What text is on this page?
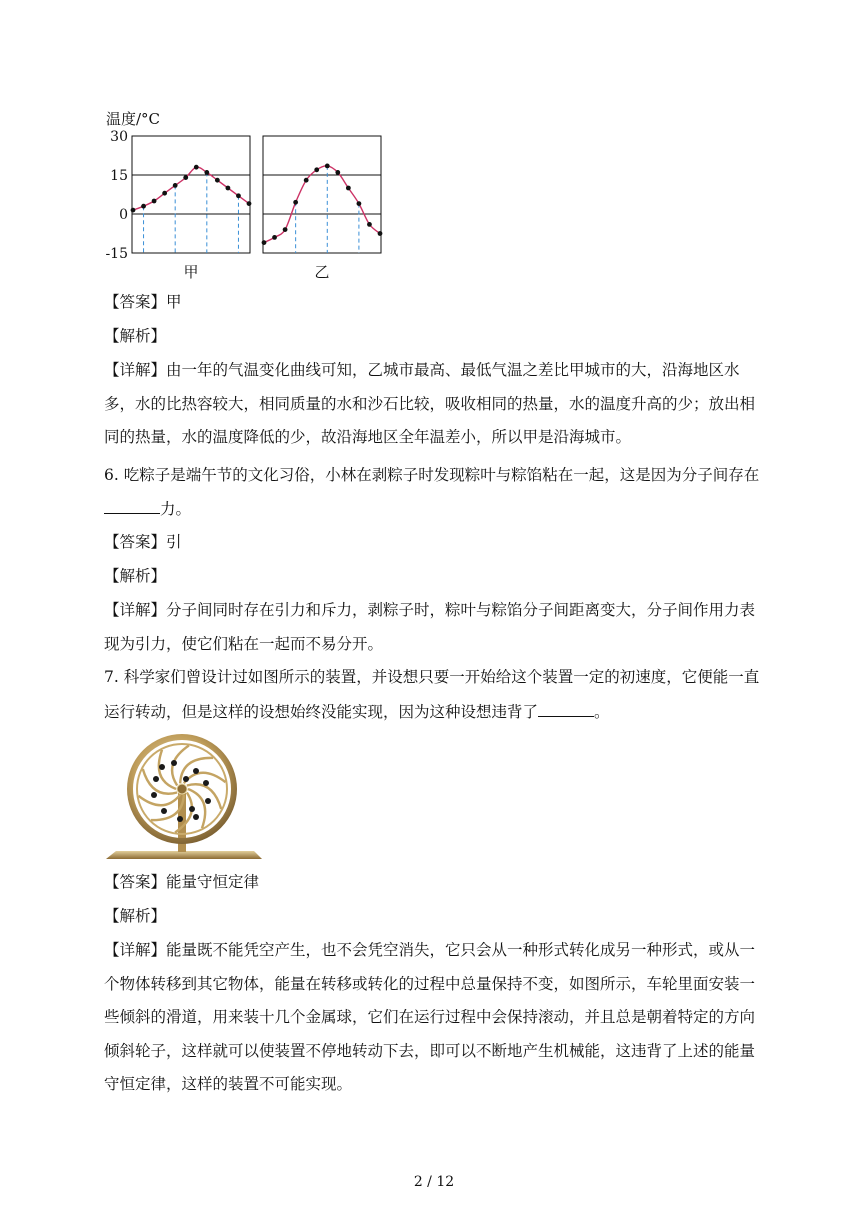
温度/°C
30
15
0
-15
甲	乙
【答案】甲
【解析】
【详解】由一年的气温变化曲线可知，乙城市最高、最低气温之差比甲城市的大，沿海地区水多，水的比热容较大，相同质量的水和沙石比较，吸收相同的热量，水的温度升高的少；放出相同的热量，水的温度降低的少，故沿海地区全年温差小，所以甲是沿海城市。
6. 吃粽子是端午节的文化习俗，小林在剥粽子时发现粽叶与粽馅粘在一起，这是因为分子间存在
力。
【答案】引
【解析】
【详解】分子间同时存在引力和斥力，剥粽子时，粽叶与粽馅分子间距离变大，分子间作用力表现为引力，使它们粘在一起而不易分开。
7. 科学家们曾设计过如图所示的装置，并设想只要一开始给这个装置一定的初速度，它便能一直
运行转动，但是这样的设想始终没能实现，因为这种设想违背了	。
【答案】能量守恒定律
【解析】
【详解】能量既不能凭空产生，也不会凭空消失，它只会从一种形式转化成另一种形式，或从一个物体转移到其它物体，能量在转移或转化的过程中总量保持不变，如图所示，车轮里面安装一些倾斜的滑道，用来装十几个金属球，它们在运行过程中会保持滚动，并且总是朝着特定的方向倾斜轮子，这样就可以使装置不停地转动下去，即可以不断地产生机械能，这违背了上述的能量守恒定律，这样的装置不可能实现。
2 / 12
